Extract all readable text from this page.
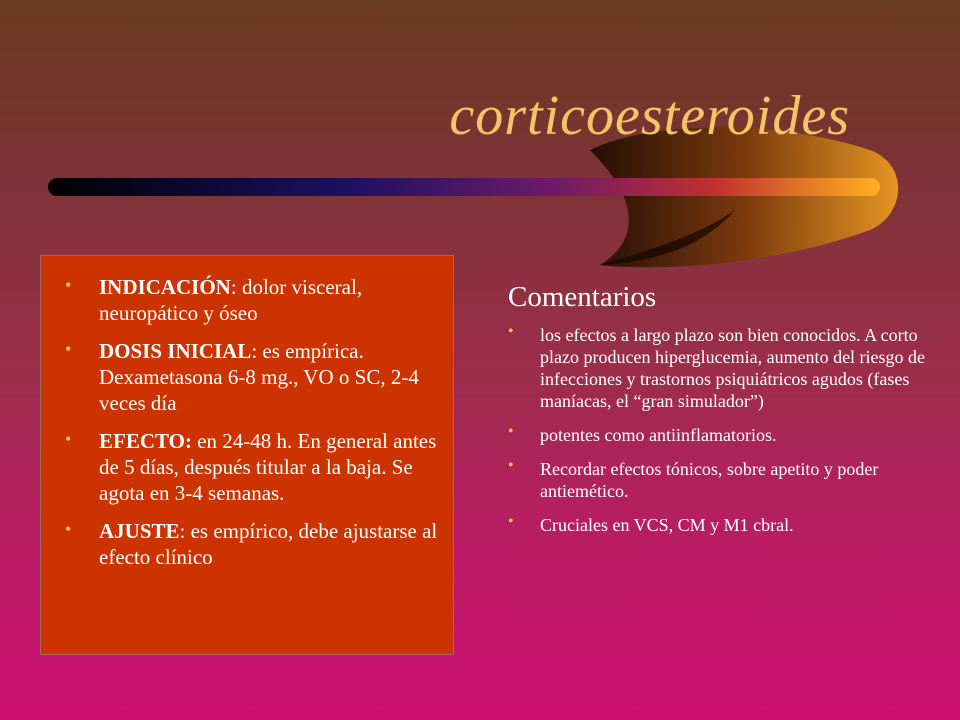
corticoesteroides
• INDICACIÓN: dolor visceral, neuropático y óseo
• DOSIS INICIAL: es empírica. Dexametasona 6-8 mg., VO o SC, 2-4 veces día
• EFECTO: en 24-48 h. En general antes de 5 días, después titular a la baja. Se agota en 3-4 semanas.
• AJUSTE: es empírico, debe ajustarse al efecto clínico
Comentarios
• los efectos a largo plazo son bien conocidos. A corto plazo producen hiperglucemia, aumento del riesgo de infecciones y trastornos psiquiátricos agudos (fases maníacas, el “gran simulador”)
• potentes como antiinflamatorios.
• Recordar efectos tónicos, sobre apetito y poder antiemético.
• Cruciales en VCS, CM y M1 cbral.
